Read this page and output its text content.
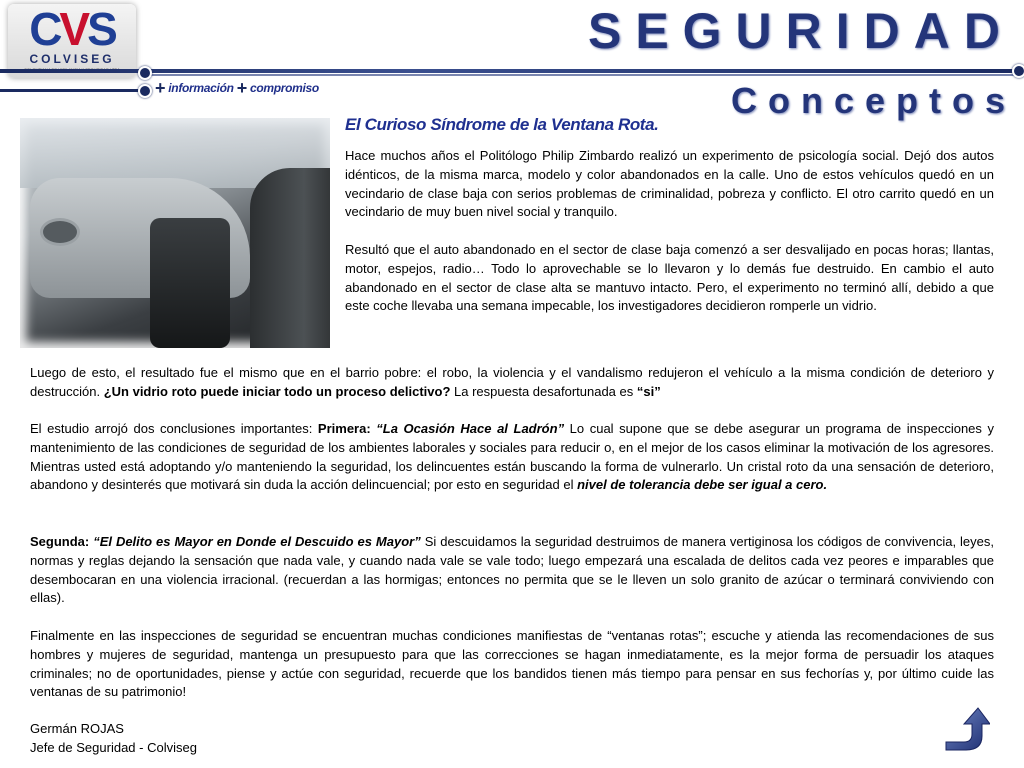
CVS
COLVISEG
+ información + compromiso
SEGURIDAD
Conceptos
El Curioso Síndrome de la Ventana Rota.

Hace muchos años el Politólogo Philip Zimbardo realizó un experimento de psicología social. Dejó dos autos idénticos, de la misma marca, modelo y color abandonados en la calle. Uno de estos vehículos quedó en un vecindario de clase baja con serios problemas de criminalidad, pobreza y conflicto. El otro carrito quedó en un vecindario de muy buen nivel social y tranquilo.

Resultó que el auto abandonado en el sector de clase baja comenzó a ser desvalijado en pocas horas; llantas, motor, espejos, radio… Todo lo aprovechable se lo llevaron y lo demás fue destruido. En cambio el auto abandonado en el sector de clase alta se mantuvo intacto. Pero, el experimento no terminó allí, debido a que este coche llevaba una semana impecable, los investigadores decidieron romperle un vidrio.

Luego de esto, el resultado fue el mismo que en el barrio pobre: el robo, la violencia y el vandalismo redujeron el vehículo a la misma condición de deterioro y destrucción. ¿Un vidrio roto puede iniciar todo un proceso delictivo? La respuesta desafortunada es “si”

El estudio arrojó dos conclusiones importantes: Primera: “La Ocasión Hace al Ladrón” Lo cual supone que se debe asegurar un programa de inspecciones y mantenimiento de las condiciones de seguridad de los ambientes laborales y sociales para reducir o, en el mejor de los casos eliminar la motivación de los agresores. Mientras usted está adoptando y/o manteniendo la seguridad, los delincuentes están buscando la forma de vulnerarlo. Un cristal roto da una sensación de deterioro, abandono y desinterés que motivará sin duda la acción delincuencial; por esto en seguridad el nivel de tolerancia debe ser igual a cero.

Segunda: “El Delito es Mayor en Donde el Descuido es Mayor” Si descuidamos la seguridad destruimos de manera vertiginosa los códigos de convivencia, leyes, normas y reglas dejando la sensación que nada vale, y cuando nada vale se vale todo; luego empezará una escalada de delitos cada vez peores e imparables que desembocaran en una violencia irracional. (recuerdan a las hormigas; entonces no permita que se le lleven un solo granito de azúcar o terminará conviviendo con ellas).

Finalmente en las inspecciones de seguridad se encuentran muchas condiciones manifiestas de “ventanas rotas”; escuche y atienda las recomendaciones de sus hombres y mujeres de seguridad, mantenga un presupuesto para que las correcciones se hagan inmediatamente, es la mejor forma de persuadir los ataques criminales; no de oportunidades, piense y actúe con seguridad, recuerde que los bandidos tienen más tiempo para pensar en sus fechorías y, por último cuide las ventanas de su patrimonio!

Germán ROJAS

Jefe de Seguridad - Colviseg
